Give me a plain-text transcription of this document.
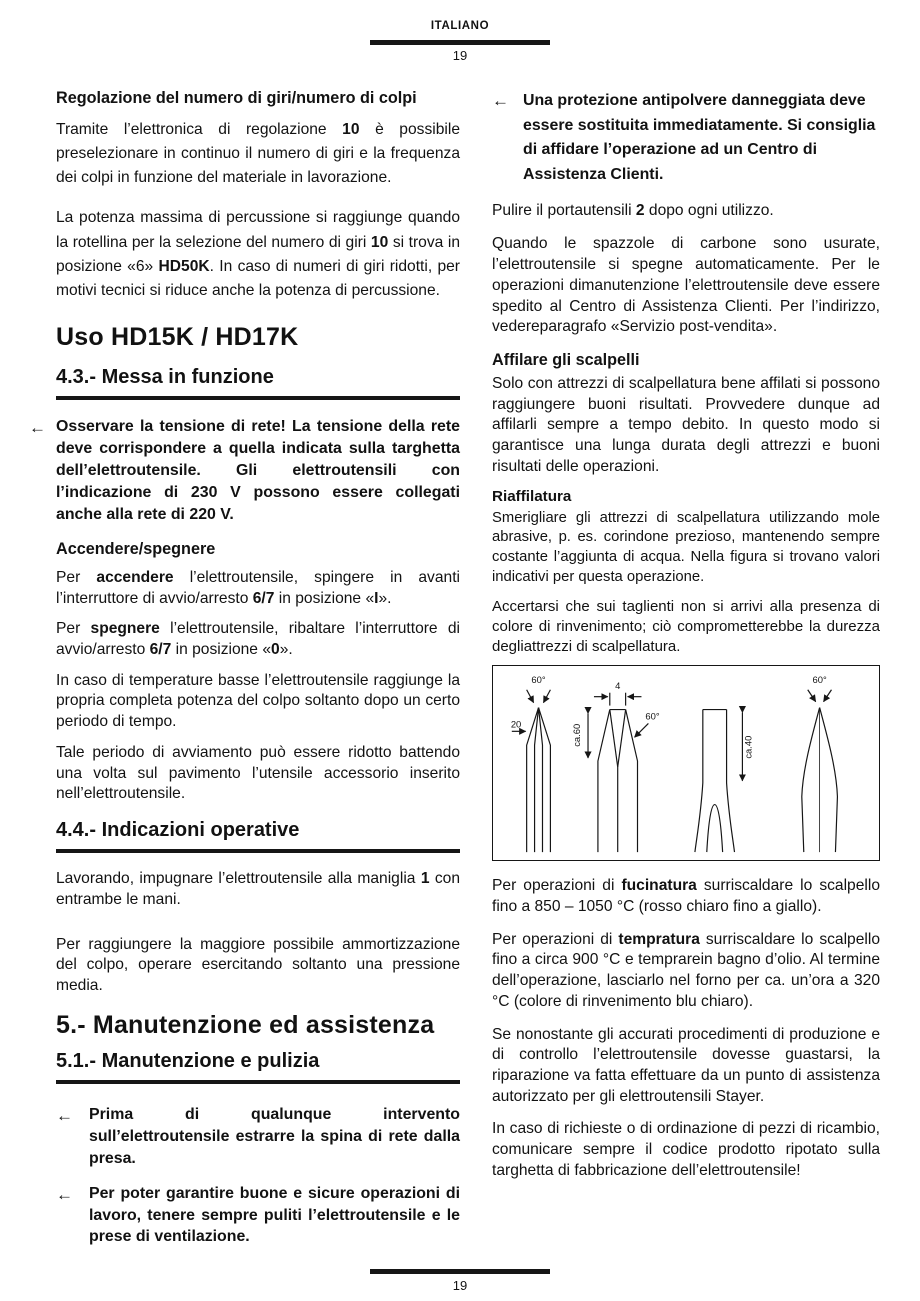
ITALIANO
19
Regolazione del numero di giri/numero di colpi

Tramite l’elettronica di regolazione 10 è possibile preselezionare in continuo il numero di giri e la frequenza dei colpi in funzione del materiale in lavorazione.

La potenza massima di percussione si raggiunge quando la rotellina per la selezione del numero di giri 10 si trova in posizione «6» HD50K. In caso di numeri di giri ridotti, per motivi tecnici si riduce anche la potenza di percussione.

Uso HD15K / HD17K
4.3.- Messa in funzione
← Osservare la tensione di rete! La tensione della rete deve corrispondere a quella indicata sulla targhetta dell’elettroutensile. Gli elettroutensili con l’indicazione di 230 V possono essere collegati anche alla rete di 220 V.
Accendere/spegnere

Per accendere l’elettroutensile, spingere in avanti l’interruttore di avvio/arresto 6/7 in posizione «I».

Per spegnere l’elettroutensile, ribaltare l’interruttore di avvio/arresto 6/7 in posizione «0».

In caso di temperature basse l’elettroutensile raggiunge la propria completa potenza del colpo soltanto dopo un certo periodo di tempo.

Tale periodo di avviamento può essere ridotto battendo una volta sul pavimento l’utensile accessorio inserito nell’elettroutensile.

4.4.- Indicazioni operative

Lavorando, impugnare l’elettroutensile alla maniglia 1 con entrambe le mani.

Per raggiungere la maggiore possibile ammortizzazione del colpo, operare esercitando soltanto una pressione media.

5.- Manutenzione ed assistenza
5.1.- Manutenzione e pulizia
←	Prima di qualunque intervento sull’elettroutensile estrarre la spina di rete dalla presa.
←	Per poter garantire buone e sicure operazioni di lavoro, tenere sempre puliti l’elettroutensile e le prese di ventilazione.
← Una protezione antipolvere danneggiata deve essere sostituita immediatamente. Si consiglia di affidare l’operazione ad un Centro di Assistenza Clienti.

Pulire il portautensili 2 dopo ogni utilizzo.

Quando le spazzole di carbone sono usurate, l’elettroutensile si spegne automaticamente. Per le operazioni dimanutenzione l’elettroutensile deve essere spedito al Centro di Assistenza Clienti. Per l’indirizzo, vedereparagrafo «Servizio post-vendita».

Affilare gli scalpelli

Solo con attrezzi di scalpellatura bene affilati si possono raggiungere buoni risultati. Provvedere dunque ad affilarli sempre a tempo debito. In questo modo si garantisce una lunga durata degli attrezzi e buoni risultati delle operazioni.

Riaffilatura

Smerigliare gli attrezzi di scalpellatura utilizzando mole abrasive, p. es. corindone prezioso, mantenendo sempre costante l’aggiunta di acqua. Nella figura si trovano valori indicativi per questa operazione.

Accertarsi che sui taglienti non si arrivi alla presenza di colore di rinvenimento; ciò comprometterebbe la durezza degliattrezzi di scalpellatura.

60°
20
4
60°
ca.60
ca.40
60°

Per operazioni di fucinatura surriscaldare lo scalpello fino a 850 – 1050 °C (rosso chiaro fino a giallo).

Per operazioni di tempratura surriscaldare lo scalpello fino a circa 900 °C e temprarein bagno d’olio. Al termine dell’operazione, lasciarlo nel forno per ca. un’ora a 320 °C (colore di rinvenimento blu chiaro).

Se nonostante gli accurati procedimenti di produzione e di controllo l’elettroutensile dovesse guastarsi, la riparazione va fatta effettuare da un punto di assistenza autorizzato per gli elettroutensili Stayer.

In caso di richieste o di ordinazione di pezzi di ricambio, comunicare sempre il codice prodotto ripotato sulla targhetta di fabbricazione dell’elettroutensile!

19
